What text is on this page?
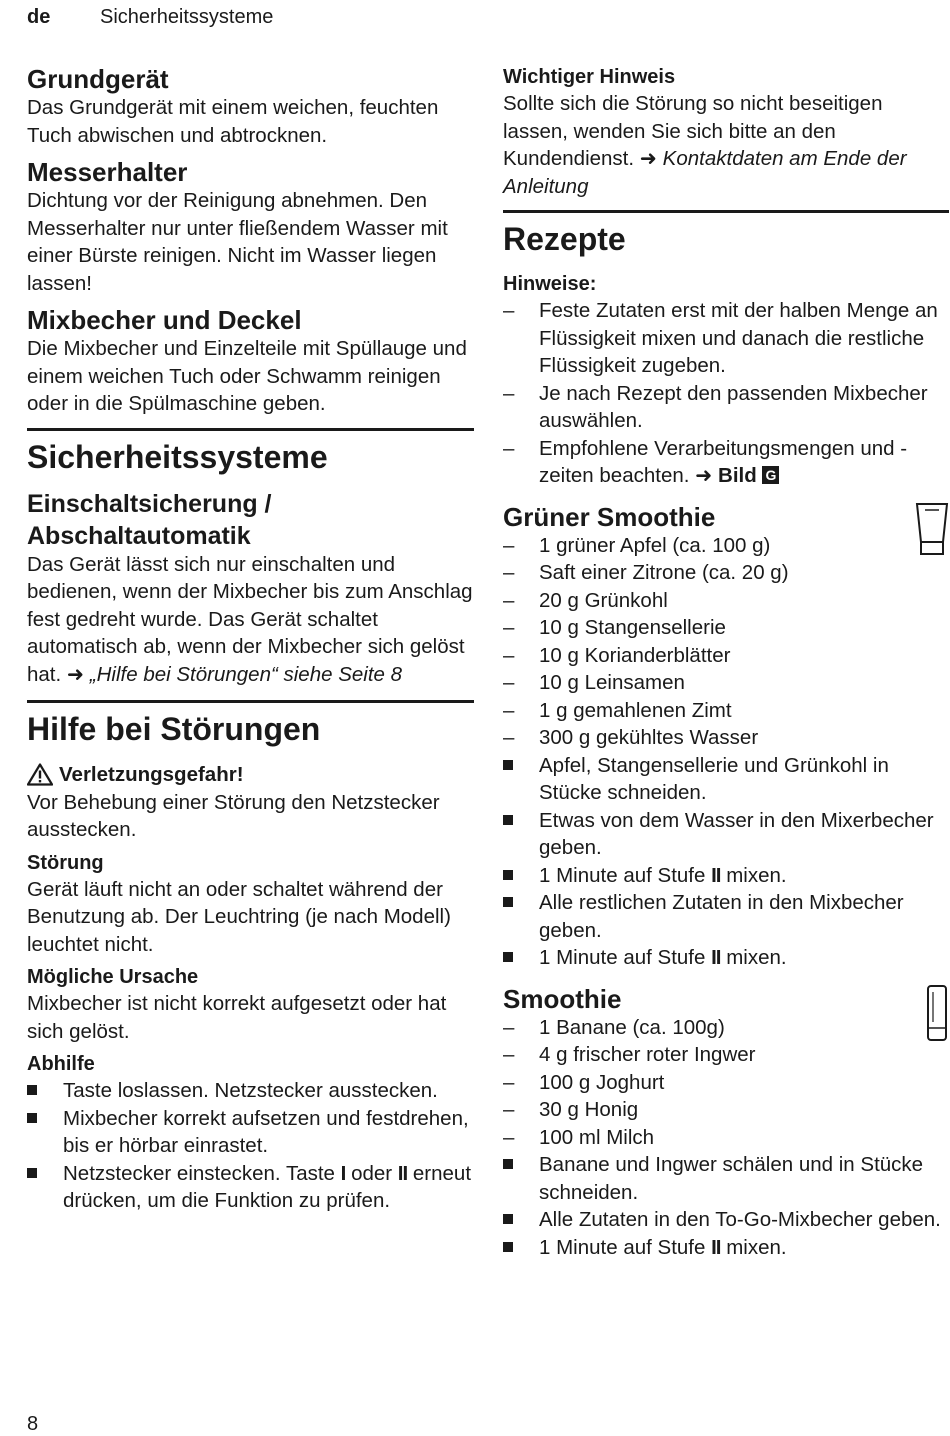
de Sicherheitssysteme
Grundgerät

Das Grundgerät mit einem weichen, feuchten Tuch abwischen und abtrocknen.

Messerhalter

Dichtung vor der Reinigung abnehmen. Den Messerhalter nur unter fließendem Wasser mit einer Bürste reinigen. Nicht im Wasser liegen lassen!

Mixbecher und Deckel

Die Mixbecher und Einzelteile mit Spüllauge und einem weichen Tuch oder Schwamm reinigen oder in die Spülmaschine geben.

Sicherheitssysteme
Einschaltsicherung /
Abschaltautomatik

Das Gerät lässt sich nur einschalten und bedienen, wenn der Mixbecher bis zum Anschlag fest gedreht wurde. Das Gerät schaltet automatisch ab, wenn der Mixbecher sich gelöst hat. ➜ „Hilfe bei Störungen“ siehe Seite 8

Hilfe bei Störungen
Verletzungsgefahr!

Vor Behebung einer Störung den Netzstecker ausstecken.

Störung

Gerät läuft nicht an oder schaltet während der Benutzung ab. Der Leuchtring (je nach Modell) leuchtet nicht.

Mögliche Ursache

Mixbecher ist nicht korrekt aufgesetzt oder hat sich gelöst.

Abhilfe
Taste loslassen. Netzstecker ausstecken.
Mixbecher korrekt aufsetzen und festdrehen, bis er hörbar einrastet.
Netzstecker einstecken. Taste I oder II erneut drücken, um die Funktion zu prüfen.
Wichtiger Hinweis

Sollte sich die Störung so nicht beseitigen lassen, wenden Sie sich bitte an den Kundendienst. ➜ Kontaktdaten am Ende der Anleitung

Rezepte
Hinweise:
–	Feste Zutaten erst mit der halben Menge an Flüssigkeit mixen und danach die restliche Flüssigkeit zugeben.
–	Je nach Rezept den passenden Mixbecher auswählen.
–	Empfohlene Verarbeitungsmengen und -zeiten beachten. ➜ Bild G
Grüner Smoothie
–	1 grüner Apfel (ca. 100 g)
–	Saft einer Zitrone (ca. 20 g)
–	20 g Grünkohl
–	10 g Stangensellerie
–	10 g Korianderblätter
–	10 g Leinsamen
–	1 g gemahlenen Zimt
–	300 g gekühltes Wasser
Apfel, Stangensellerie und Grünkohl in Stücke schneiden.
Etwas von dem Wasser in den Mixerbecher geben.
1 Minute auf Stufe II mixen.
Alle restlichen Zutaten in den Mixbecher geben.
1 Minute auf Stufe II mixen.
Smoothie
–	1 Banane (ca. 100g)
–	4 g frischer roter Ingwer
–	100 g Joghurt
–	30 g Honig
–	100 ml Milch
Banane und Ingwer schälen und in Stücke schneiden.
Alle Zutaten in den To-Go-Mixbecher geben.
1 Minute auf Stufe II mixen.
8
